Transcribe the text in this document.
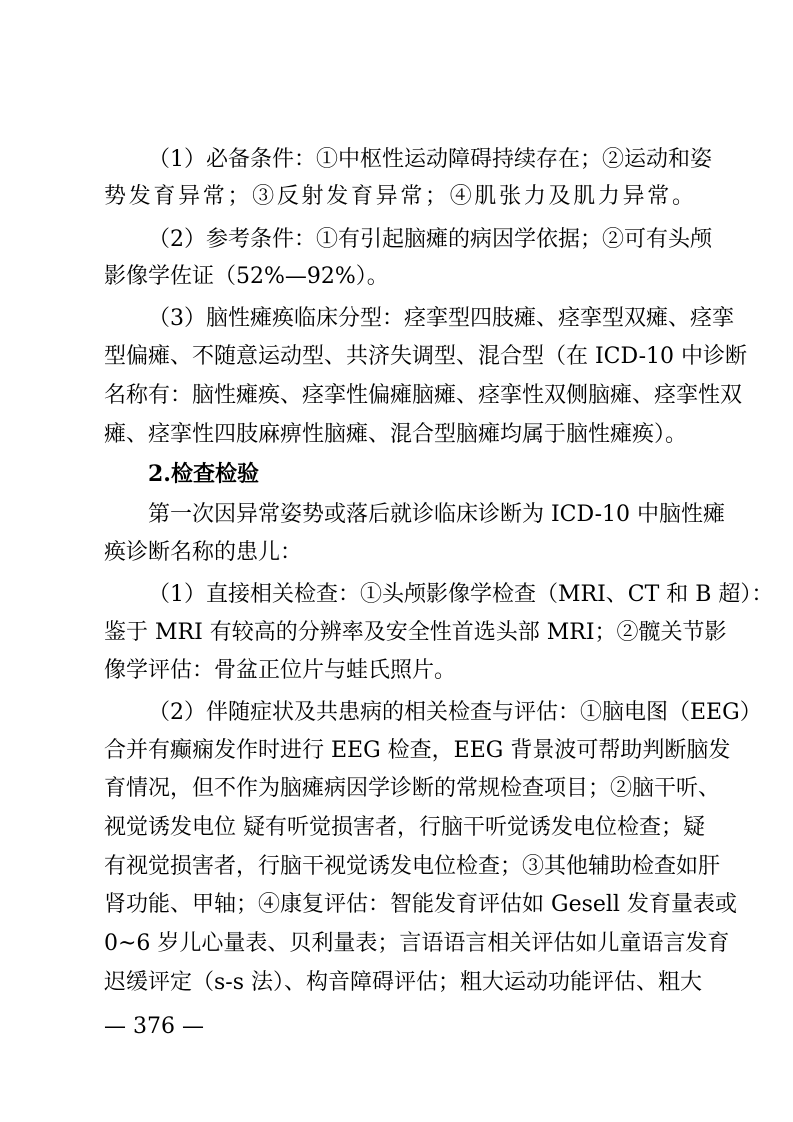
（1）必备条件：①中枢性运动障碍持续存在；②运动和姿
势发育异常；③反射发育异常；④肌张力及肌力异常。
（2）参考条件：①有引起脑瘫的病因学依据；②可有头颅
影像学佐证（52%—92%）。
（3）脑性瘫痪临床分型：痉挛型四肢瘫、痉挛型双瘫、痉挛
型偏瘫、不随意运动型、共济失调型、混合型（在 ICD-10 中诊断
名称有：脑性瘫痪、痉挛性偏瘫脑瘫、痉挛性双侧脑瘫、痉挛性双
瘫、痉挛性四肢麻痹性脑瘫、混合型脑瘫均属于脑性瘫痪）。
2.检查检验
第一次因异常姿势或落后就诊临床诊断为 ICD-10 中脑性瘫
痪诊断名称的患儿：
（1）直接相关检查：①头颅影像学检查（MRI、CT 和 B 超）：
鉴于 MRI 有较高的分辨率及安全性首选头部 MRI；②髋关节影
像学评估：骨盆正位片与蛙氏照片。
（2）伴随症状及共患病的相关检查与评估：①脑电图（EEG）
合并有癫痫发作时进行 EEG 检查，EEG 背景波可帮助判断脑发
育情况，但不作为脑瘫病因学诊断的常规检查项目；②脑干听、
视觉诱发电位 疑有听觉损害者，行脑干听觉诱发电位检查；疑
有视觉损害者，行脑干视觉诱发电位检查；③其他辅助检查如肝
肾功能、甲轴；④康复评估：智能发育评估如 Gesell 发育量表或
0~6 岁儿心量表、贝利量表；言语语言相关评估如儿童语言发育
迟缓评定（s-s 法）、构音障碍评估；粗大运动功能评估、粗大
— 376 —
